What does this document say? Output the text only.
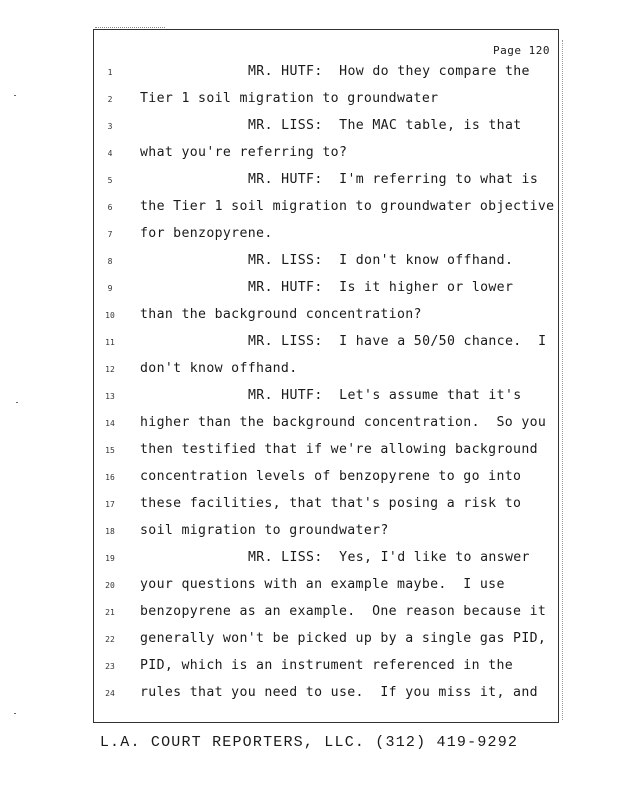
Page 120
1	MR. HUTF:  How do they compare the
2	Tier 1 soil migration to groundwater
3	MR. LISS:  The MAC table, is that
4	what you're referring to?
5	MR. HUTF:  I'm referring to what is
6	the Tier 1 soil migration to groundwater objective
7	for benzopyrene.
8	MR. LISS:  I don't know offhand.
9	MR. HUTF:  Is it higher or lower
10	than the background concentration?
11	MR. LISS:  I have a 50/50 chance.  I
12	don't know offhand.
13	MR. HUTF:  Let's assume that it's
14	higher than the background concentration.  So you
15	then testified that if we're allowing background
16	concentration levels of benzopyrene to go into
17	these facilities, that that's posing a risk to
18	soil migration to groundwater?
19	MR. LISS:  Yes, I'd like to answer
20	your questions with an example maybe.  I use
21	benzopyrene as an example.  One reason because it
22	generally won't be picked up by a single gas PID,
23	PID, which is an instrument referenced in the
24	rules that you need to use.  If you miss it, and
L.A. COURT REPORTERS, LLC. (312) 419-9292
